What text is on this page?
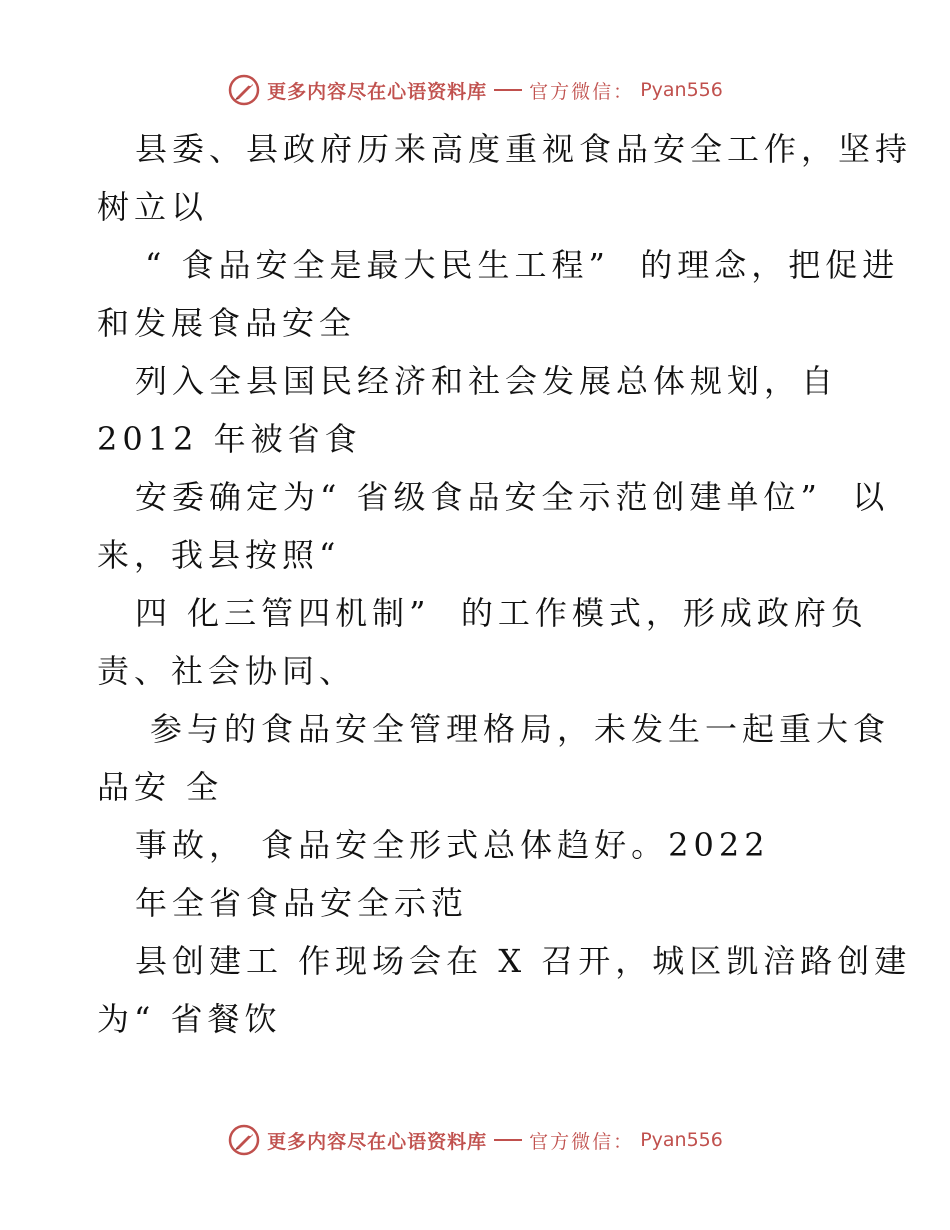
更多内容尽在心语资料库 官方微信： Pyan556
县委、县政府历来高度重视食品安全工作，坚持
树立以
“ 食品安全是最大民生工程”  的理念，把促进
和发展食品安全
列入全县国民经济和社会发展总体规划，自
2012 年被省食
安委确定为“ 省级食品安全示范创建单位”  以
来，我县按照“
四 化三管四机制”  的工作模式，形成政府负
责、社会协同、
参与的食品安全管理格局，未发生一起重大食
品安 全
事故， 食品安全形式总体趋好。2022
年全省食品安全示范
县创建工 作现场会在 X 召开，城区凯涪路创建
为“ 省餐饮
更多内容尽在心语资料库 官方微信： Pyan556
